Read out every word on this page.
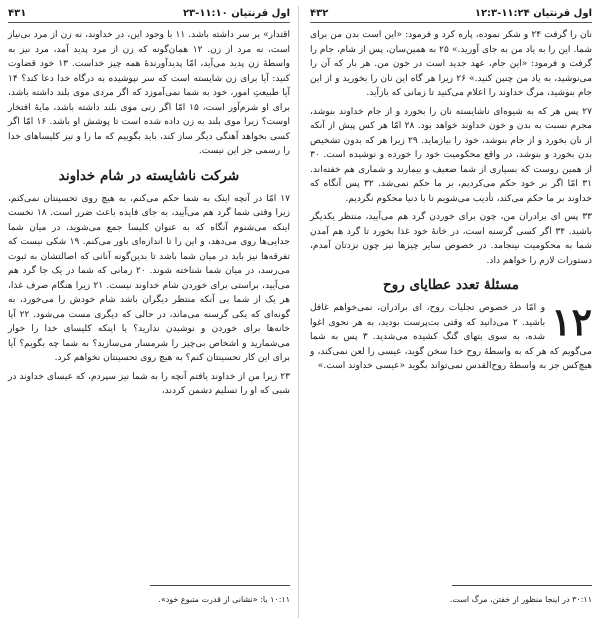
۴۳۱	اول قرنتیان ۱۱:۱۰-۲۳

اقتدار» بر سر داشته باشد. ۱۱ با وجود این، در خداوند، نه زن از مرد بی‌نیاز است، نه مرد از زن. ۱۲ همان‌گونه که زن از مرد پدید آمد، مرد نیز به واسطهٔ زن پدید می‌آید، امّا پدیدآورندهٔ همه چیز خداست. ۱۳ خود قضاوت کنید: آیا برای زن شایسته است که سر نپوشیده به درگاه خدا دعا کند؟ ۱۴ آیا طبیعتِ امور، خود به شما نمی‌آموزد که اگر مردی موی بلند داشته باشد، برای او شرم‌آور است، ۱۵ امّا اگر زنی موی بلند داشته باشد، مایهٔ افتخار اوست؟ زیرا موی بلند به زن داده شده است تا پوشش او باشد. ۱۶ امّا اگر کسی بخواهد آهنگی دیگر ساز کند، باید بگوییم که ما را و نیز کلیساهای خدا را رسمی جز این نیست.

شرکت ناشایسته در شام خداوند

۱۷ امّا در آنچه اینک به شما حکم می‌کنم، به هیچ روی تحسینتان نمی‌کنم، زیرا وقتی شما گرد هم می‌آیید، به جای فایده باعث ضرر است. ۱۸ نخست اینکه می‌شنوم آنگاه که به عنوان کلیسا جمع می‌شوید، در میان شما جدایی‌ها روی می‌دهد، و این را تا اندازه‌ای باور می‌کنم. ۱۹ شکی نیست که تفرقه‌ها نیز باید در میان شما باشد تا بدین‌گونه آنانی که اصالتشان به ثبوت می‌رسد، در میان شما شناخته شوند. ۲۰ زمانی که شما در یک جا گرد هم می‌آیید، براستی برای خوردن شام خداوند نیست. ۲۱ زیرا هنگام صرف غذا، هر یک از شما بی آنکه منتظر دیگران باشد شام خودش را می‌خورد، به گونه‌ای که یکی گرسنه می‌ماند، در حالی که دیگری مست می‌شود. ۲۲ آیا خانه‌ها برای خوردن و نوشیدن ندارید؟ یا اینکه کلیسای خدا را خوار می‌شمارید و اشخاص بی‌چیز را شرمسار می‌سازید؟ به شما چه بگویم؟ آیا برای این کار تحسینتان کنم؟ به هیچ روی تحسینتان نخواهم کرد.

۲۳ زیرا من از خداوند یافتم آنچه را به شما نیز سپردم، که عیسای خداوند در شبی که او را تسلیم دشمن کردند،

۱۰:۱۱ یا: «نشانی از قدرت متبوع خود».
۴۳۲	اول قرنتیان ۱۱:۲۴-۱۲:۳

نان را گرفت ۲۴ و شکر نموده، پاره کرد و فرمود: «این است بدن من برای شما. این را به یاد من به جای آورید.» ۲۵ به همین‌سان، پس از شام، جام را گرفت و فرمود: «این جام، عهد جدید است در خون من. هر بار که آن را می‌نوشید، به یاد من چنین کنید.» ۲۶ زیرا هر گاه این نان را بخورید و از این جام بنوشید، مرگ خداوند را اعلام می‌کنید تا زمانی که بازآید.

۲۷ پس هر که به شیوه‌ای ناشایسته نان را بخورد و از جام خداوند بنوشد، مجرم نسبت به بدن و خون خداوند خواهد بود. ۲۸ امّا هر کس پیش از آنکه از نان بخورد و از جام بنوشد، خود را بیازماید. ۲۹ زیرا هر که بدون تشخیص بدن بخورد و بنوشد، در واقع محکومیت خود را خورده و نوشیده است. ۳۰ از همین روست که بسیاری از شما ضعیف و بیمارند و شماری هم خفته‌اند. ۳۱ امّا اگر بر خود حکم می‌کردیم، بر ما حکم نمی‌شد. ۳۲ پس آنگاه که خداوند بر ما حکم می‌کند، تأدیب می‌شویم تا با دنیا محکوم نگردیم.

۳۳ پس ای برادران من، چون برای خوردن گرد هم می‌آیید، منتظر یکدیگر باشید. ۳۴ اگر کسی گرسنه است، در خانهٔ خود غذا بخورد تا گرد هم آمدن شما به محکومیت نینجامد. در خصوص سایر چیزها نیز چون نزدتان آمدم، دستورات لازم را خواهم داد.

مسئلهٔ تعدد عطایای روح
۱۲

و امّا در خصوص تجلیات روح، ای برادران، نمی‌خواهم غافل باشید. ۲ می‌دانید که وقتی بت‌پرست بودید، به هر نحوی اغوا شده، به سوی بتهای گنگ کشیده می‌شدید. ۳ پس به شما می‌گویم که هر که به واسطهٔ روح خدا سخن گوید، عیسی را لعن نمی‌کند، و هیچ‌کس جز به واسطهٔ روح‌القدس نمی‌تواند بگوید «عیسی خداوند است.»

۳۰:۱۱ در اینجا منظور از خفتن، مرگ است.
